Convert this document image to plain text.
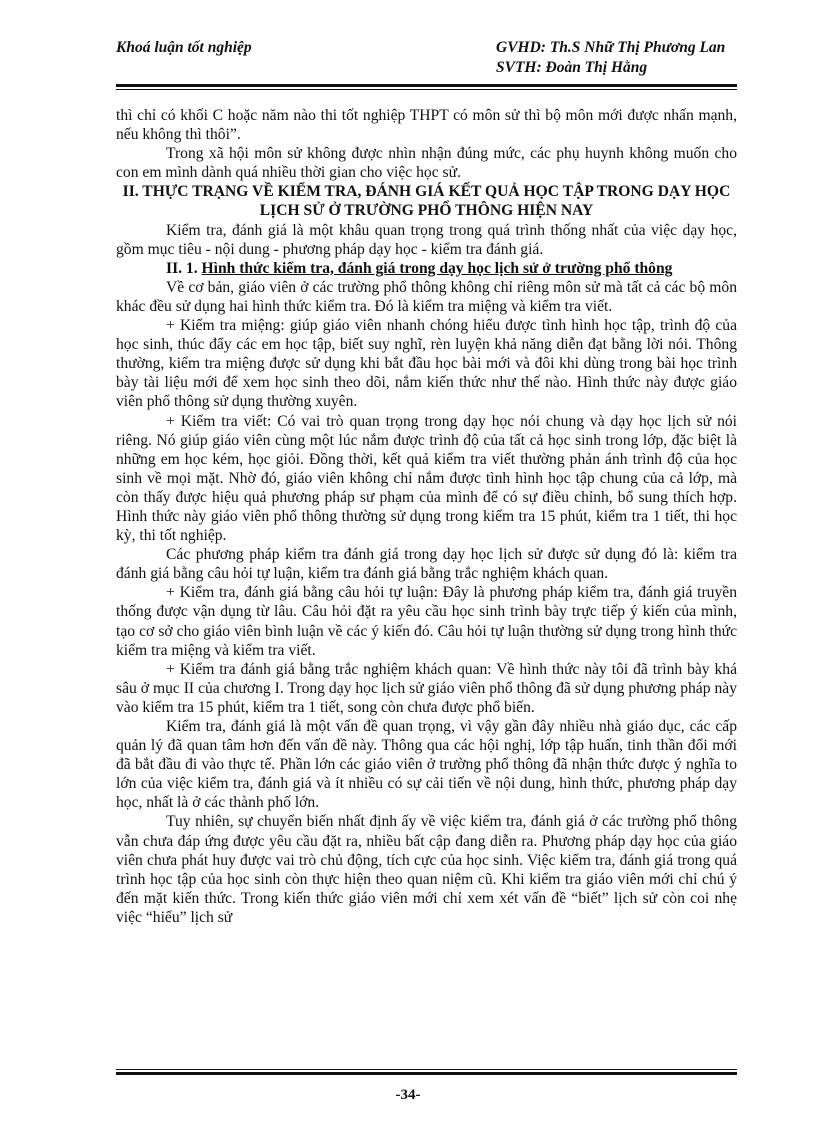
Khoá luận tốt nghiệp	GVHD: Th.S Nhữ Thị Phương Lan
SVTH: Đoàn Thị Hằng

thì chỉ có khối C hoặc năm nào thi tốt nghiệp THPT có môn sử thì bộ môn mới được nhấn mạnh, nếu không thì thôi”.

Trong xã hội môn sử không được nhìn nhận đúng mức, các phụ huynh không muốn cho con em mình dành quá nhiều thời gian cho việc học sử.

II. THỰC TRẠNG VỀ KIỂM TRA, ĐÁNH GIÁ KẾT QUẢ HỌC TẬP TRONG DẠY HỌC LỊCH SỬ Ở TRƯỜNG PHỔ THÔNG HIỆN NAY

Kiểm tra, đánh giá là một khâu quan trọng trong quá trình thống nhất của việc dạy học, gồm mục tiêu - nội dung - phương pháp dạy học - kiểm tra đánh giá.

II. 1. Hình thức kiểm tra, đánh giá trong dạy học lịch sử ở trường phổ thông

Về cơ bản, giáo viên ở các trường phổ thông không chỉ riêng môn sử mà tất cả các bộ môn khác đều sử dụng hai hình thức kiểm tra. Đó là kiểm tra miệng và kiểm tra viết.

+ Kiểm tra miệng: giúp giáo viên nhanh chóng hiểu được tình hình học tập, trình độ của học sinh, thúc đẩy các em học tập, biết suy nghĩ, rèn luyện khả năng diễn đạt bằng lời nói. Thông thường, kiểm tra miệng được sử dụng khi bắt đầu học bài mới và đôi khi dùng trong bài học trình bày tài liệu mới để xem học sinh theo dõi, nắm kiến thức như thế nào. Hình thức này được giáo viên phổ thông sử dụng thường xuyên.

+ Kiểm tra viết: Có vai trò quan trọng trong dạy học nói chung và dạy học lịch sử nói riêng. Nó giúp giáo viên cùng một lúc nắm được trình độ của tất cả học sinh trong lớp, đặc biệt là những em học kém, học giỏi. Đồng thời, kết quả kiểm tra viết thường phản ánh trình độ của học sinh về mọi mặt. Nhờ đó, giáo viên không chỉ nắm được tình hình học tập chung của cả lớp, mà còn thấy được hiệu quả phương pháp sư phạm của mình để có sự điều chỉnh, bổ sung thích hợp. Hình thức này giáo viên phổ thông thường sử dụng trong kiểm tra 15 phút, kiểm tra 1 tiết, thi học kỳ, thi tốt nghiệp.

Các phương pháp kiểm tra đánh giá trong dạy học lịch sử được sử dụng đó là: kiểm tra đánh giá bằng câu hỏi tự luận, kiểm tra đánh giá bằng trắc nghiệm khách quan.

+ Kiểm tra, đánh giá bằng câu hỏi tự luận: Đây là phương pháp kiểm tra, đánh giá truyền thống được vận dụng từ lâu. Câu hỏi đặt ra yêu cầu học sinh trình bày trực tiếp ý kiến của mình, tạo cơ sở cho giáo viên bình luận về các ý kiến đó. Câu hỏi tự luận thường sử dụng trong hình thức kiểm tra miệng và kiểm tra viết.

+ Kiểm tra đánh giá bằng trắc nghiệm khách quan: Về hình thức này tôi đã trình bày khá sâu ở mục II của chương I. Trong dạy học lịch sử giáo viên phổ thông đã sử dụng phương pháp này vào kiểm tra 15 phút, kiểm tra 1 tiết, song còn chưa được phổ biến.

Kiểm tra, đánh giá là một vấn đề quan trọng, vì vậy gần đây nhiều nhà giáo dục, các cấp quản lý đã quan tâm hơn đến vấn đề này. Thông qua các hội nghị, lớp tập huấn, tinh thần đổi mới đã bắt đầu đi vào thực tế. Phần lớn các giáo viên ở trường phổ thông đã nhận thức được ý nghĩa to lớn của việc kiểm tra, đánh giá và ít nhiều có sự cải tiến về nội dung, hình thức, phương pháp dạy học, nhất là ở các thành phố lớn.

Tuy nhiên, sự chuyển biến nhất định ấy về việc kiểm tra, đánh giá ở các trường phổ thông vẫn chưa đáp ứng được yêu cầu đặt ra, nhiều bất cập đang diễn ra. Phương pháp dạy học của giáo viên chưa phát huy được vai trò chủ động, tích cực của học sinh. Việc kiểm tra, đánh giá trong quá trình học tập của học sinh còn thực hiện theo quan niệm cũ. Khi kiểm tra giáo viên mới chỉ chú ý đến mặt kiến thức. Trong kiến thức giáo viên mới chỉ xem xét vấn đề “biết” lịch sử còn coi nhẹ việc “hiểu” lịch sử

-34-
